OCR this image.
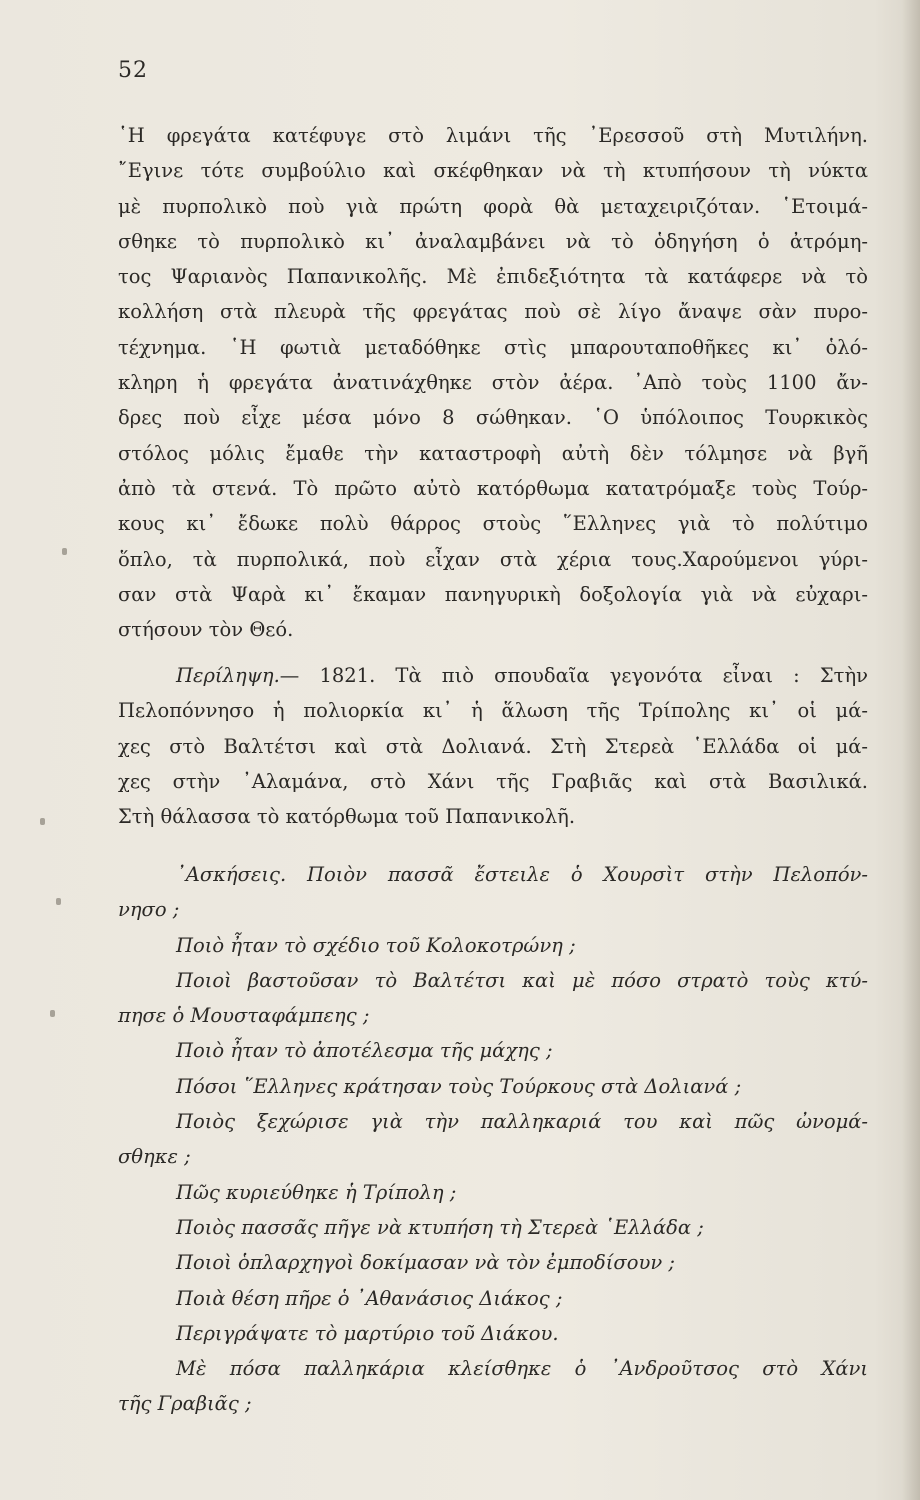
52
῾Η φρεγάτα κατέφυγε στὸ λιμάνι τῆς ᾿Ερεσσοῦ στὴ Μυτιλήνη.
῎Εγινε τότε συμβούλιο καὶ σκέφθηκαν νὰ τὴ κτυπήσουν τὴ νύκτα
μὲ πυρπολικὸ ποὺ γιὰ πρώτη φορὰ θὰ μεταχειριζόταν. ῾Ετοιμά-
σθηκε τὸ πυρπολικὸ κι᾿ ἀναλαμβάνει νὰ τὸ ὁδηγήση ὁ ἀτρόμη-
τος Ψαριανὸς Παπανικολῆς. Μὲ ἐπιδεξιότητα τὰ κατάφερε νὰ τὸ
κολλήση στὰ πλευρὰ τῆς φρεγάτας ποὺ σὲ λίγο ἄναψε σὰν πυρο-
τέχνημα. ῾Η φωτιὰ μεταδόθηκε στὶς μπαρουταποθῆκες κι᾿ ὁλό-
κληρη ἡ φρεγάτα ἀνατινάχθηκε στὸν ἀέρα. ᾿Απὸ τοὺς 1100 ἄν-
δρες ποὺ εἶχε μέσα μόνο 8 σώθηκαν. ῾Ο ὑπόλοιπος Τουρκικὸς
στόλος μόλις ἔμαθε τὴν καταστροφὴ αὐτὴ δὲν τόλμησε νὰ βγῆ
ἀπὸ τὰ στενά. Τὸ πρῶτο αὐτὸ κατόρθωμα κατατρόμαξε τοὺς Τούρ-
κους κι᾿ ἔδωκε πολὺ θάρρος στοὺς ῞Ελληνες γιὰ τὸ πολύτιμο
ὅπλο, τὰ πυρπολικά, ποὺ εἶχαν στὰ χέρια τους.Χαρούμενοι γύρι-
σαν στὰ Ψαρὰ κι᾿ ἔκαμαν πανηγυρικὴ δοξολογία γιὰ νὰ εὐχαρι-
στήσουν τὸν Θεό.
Περίληψη.— 1821. Τὰ πιὸ σπουδαῖα γεγονότα εἶναι : Στὴν
Πελοπόννησο ἡ πολιορκία κι᾿ ἡ ἅλωση τῆς Τρίπολης κι᾿ οἱ μά-
χες στὸ Βαλτέτσι καὶ στὰ Δολιανά. Στὴ Στερεὰ ῾Ελλάδα οἱ μά-
χες στὴν ᾿Αλαμάνα, στὸ Χάνι τῆς Γραβιᾶς καὶ στὰ Βασιλικά.
Στὴ θάλασσα τὸ κατόρθωμα τοῦ Παπανικολῆ.
᾿Ασκήσεις. Ποιὸν πασσᾶ ἔστειλε ὁ Χουρσὶτ στὴν Πελοπόν-
νησο ;
Ποιὸ ἦταν τὸ σχέδιο τοῦ Κολοκοτρώνη ;
Ποιοὶ βαστοῦσαν τὸ Βαλτέτσι καὶ μὲ πόσο στρατὸ τοὺς κτύ-
πησε ὁ Μουσταφάμπεης ;
Ποιὸ ἦταν τὸ ἀποτέλεσμα τῆς μάχης ;
Πόσοι ῞Ελληνες κράτησαν τοὺς Τούρκους στὰ Δολιανά ;
Ποιὸς ξεχώρισε γιὰ τὴν παλληκαριά του καὶ πῶς ὠνομά-
σθηκε ;
Πῶς κυριεύθηκε ἡ Τρίπολη ;
Ποιὸς πασσᾶς πῆγε νὰ κτυπήση τὴ Στερεὰ ῾Ελλάδα ;
Ποιοὶ ὁπλαρχηγοὶ δοκίμασαν νὰ τὸν ἐμποδίσουν ;
Ποιὰ θέση πῆρε ὁ ᾿Αθανάσιος Διάκος ;
Περιγράψατε τὸ μαρτύριο τοῦ Διάκου.
Μὲ πόσα παλληκάρια κλείσθηκε ὁ ᾿Ανδροῦτσος στὸ Χάνι
τῆς Γραβιᾶς ;
